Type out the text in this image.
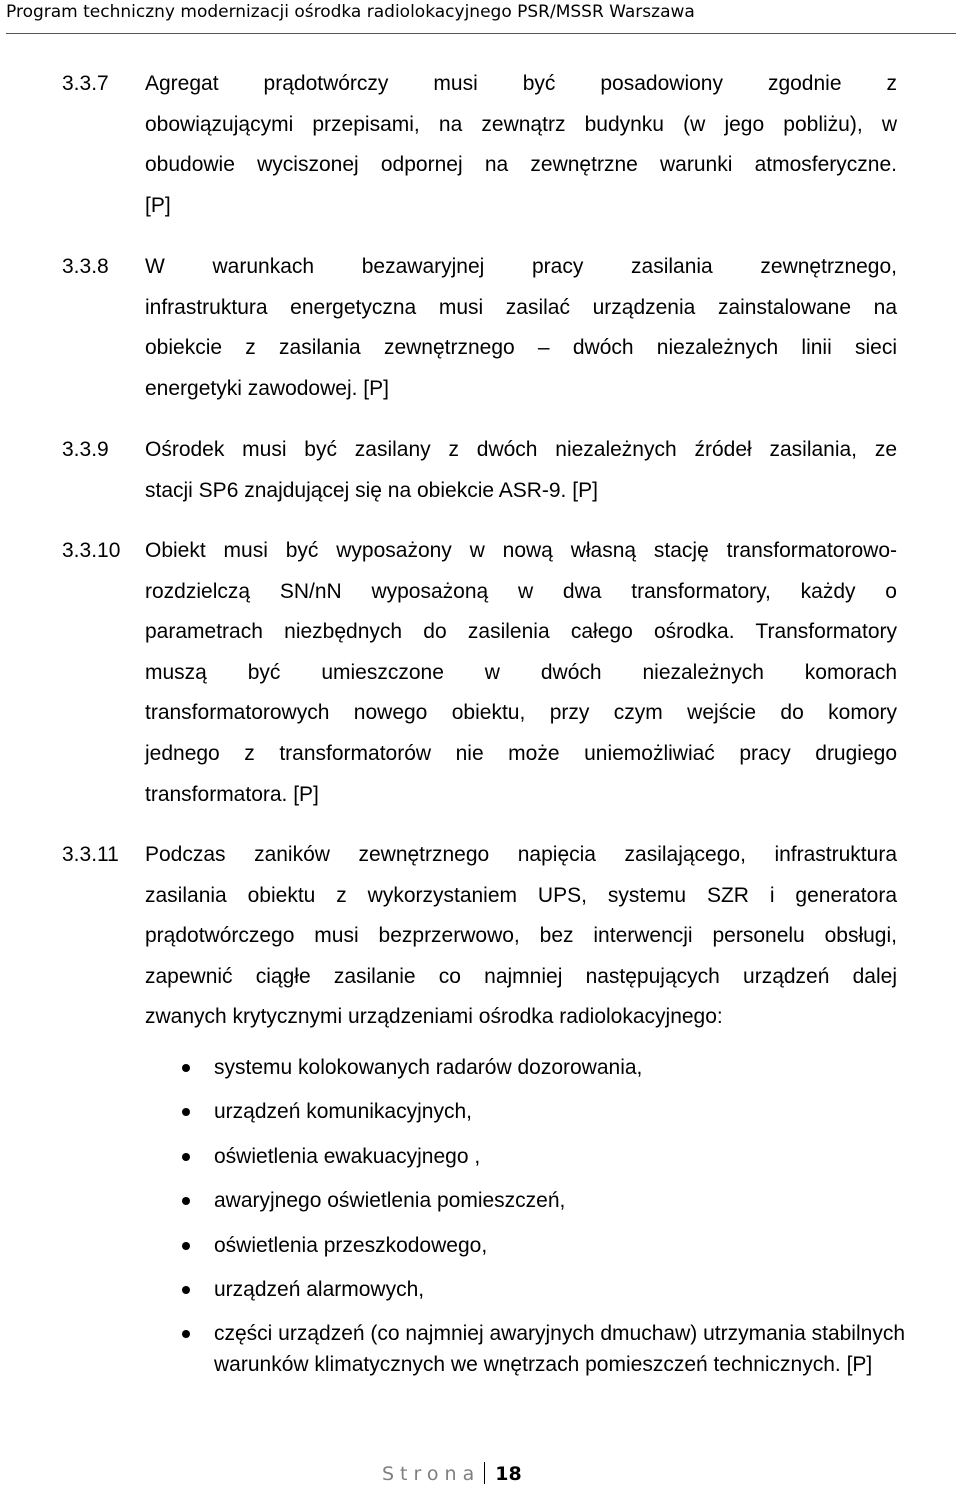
Program techniczny modernizacji ośrodka radiolokacyjnego PSR/MSSR Warszawa
3.3.7 Agregat prądotwórczy musi być posadowiony zgodnie z
obowiązującymi przepisami, na zewnątrz budynku (w jego pobliżu), w
obudowie wyciszonej odpornej na zewnętrzne warunki atmosferyczne.
[P]
3.3.8 W warunkach bezawaryjnej pracy zasilania zewnętrznego,
infrastruktura energetyczna musi zasilać urządzenia zainstalowane na
obiekcie z zasilania zewnętrznego – dwóch niezależnych linii sieci
energetyki zawodowej. [P]
3.3.9 Ośrodek musi być zasilany z dwóch niezależnych źródeł zasilania, ze
stacji SP6 znajdującej się na obiekcie ASR-9. [P]
3.3.10 Obiekt musi być wyposażony w nową własną stację transformatorowo-
rozdzielczą SN/nN wyposażoną w dwa transformatory, każdy o
parametrach niezbędnych do zasilenia całego ośrodka. Transformatory
muszą być umieszczone w dwóch niezależnych komorach
transformatorowych nowego obiektu, przy czym wejście do komory
jednego z transformatorów nie może uniemożliwiać pracy drugiego
transformatora. [P]
3.3.11 Podczas zaników zewnętrznego napięcia zasilającego, infrastruktura
zasilania obiektu z wykorzystaniem UPS, systemu SZR i generatora
prądotwórczego musi bezprzerwowo, bez interwencji personelu obsługi,
zapewnić ciągłe zasilanie co najmniej następujących urządzeń dalej
zwanych krytycznymi urządzeniami ośrodka radiolokacyjnego:
systemu kolokowanych radarów dozorowania,
urządzeń komunikacyjnych,
oświetlenia ewakuacyjnego ,
awaryjnego oświetlenia pomieszczeń,
oświetlenia przeszkodowego,
urządzeń alarmowych,
części urządzeń (co najmniej awaryjnych dmuchaw) utrzymania stabilnych warunków klimatycznych we wnętrzach pomieszczeń technicznych. [P]
Strona 18
